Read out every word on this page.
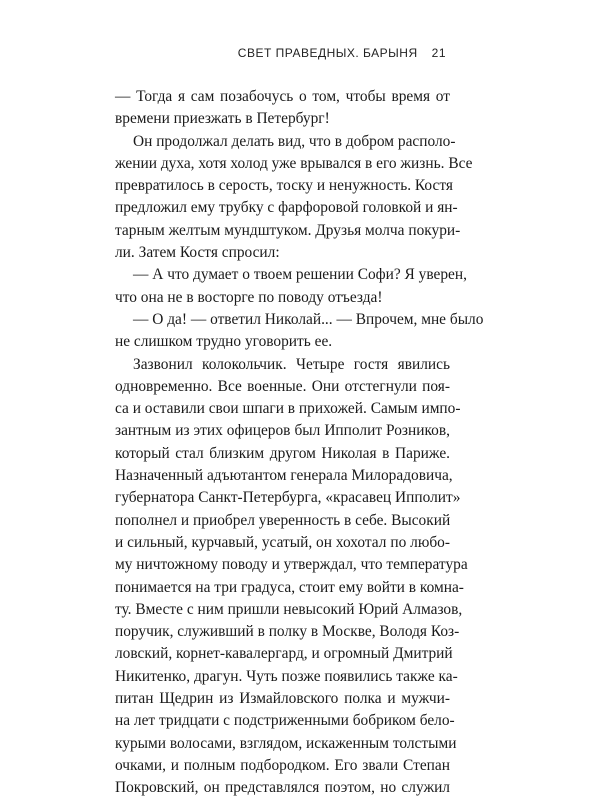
СВЕТ ПРАВЕДНЫХ. БАРЫНЯ 21
— Тогда я сам позабочусь о том, чтобы время от
времени приезжать в Петербург!
Он продолжал делать вид, что в добром располо-
жении духа, хотя холод уже врывался в его жизнь. Все
превратилось в серость, тоску и ненужность. Костя
предложил ему трубку с фарфоровой головкой и ян-
тарным желтым мундштуком. Друзья молча покури-
ли. Затем Костя спросил:
— А что думает о твоем решении Софи? Я уверен,
что она не в восторге по поводу отъезда!
— О да! — ответил Николай... — Впрочем, мне было
не слишком трудно уговорить ее.
Зазвонил колокольчик. Четыре гостя явились
одновременно. Все военные. Они отстегнули поя-
са и оставили свои шпаги в прихожей. Самым импо-
зантным из этих офицеров был Ипполит Розников,
который стал близким другом Николая в Париже.
Назначенный адъютантом генерала Милорадовича,
губернатора Санкт-Петербурга, «красавец Ипполит»
пополнел и приобрел уверенность в себе. Высокий
и сильный, курчавый, усатый, он хохотал по любо-
му ничтожному поводу и утверждал, что температура
понимается на три градуса, стоит ему войти в комна-
ту. Вместе с ним пришли невысокий Юрий Алмазов,
поручик, служивший в полку в Москве, Володя Коз-
ловский, корнет-кавалергард, и огромный Дмитрий
Никитенко, драгун. Чуть позже появились также ка-
питан Щедрин из Измайловского полка и мужчи-
на лет тридцати с подстриженными бобриком бело-
курыми волосами, взглядом, искаженным толстыми
очками, и полным подбородком. Его звали Степан
Покровский, он представлялся поэтом, но служил
